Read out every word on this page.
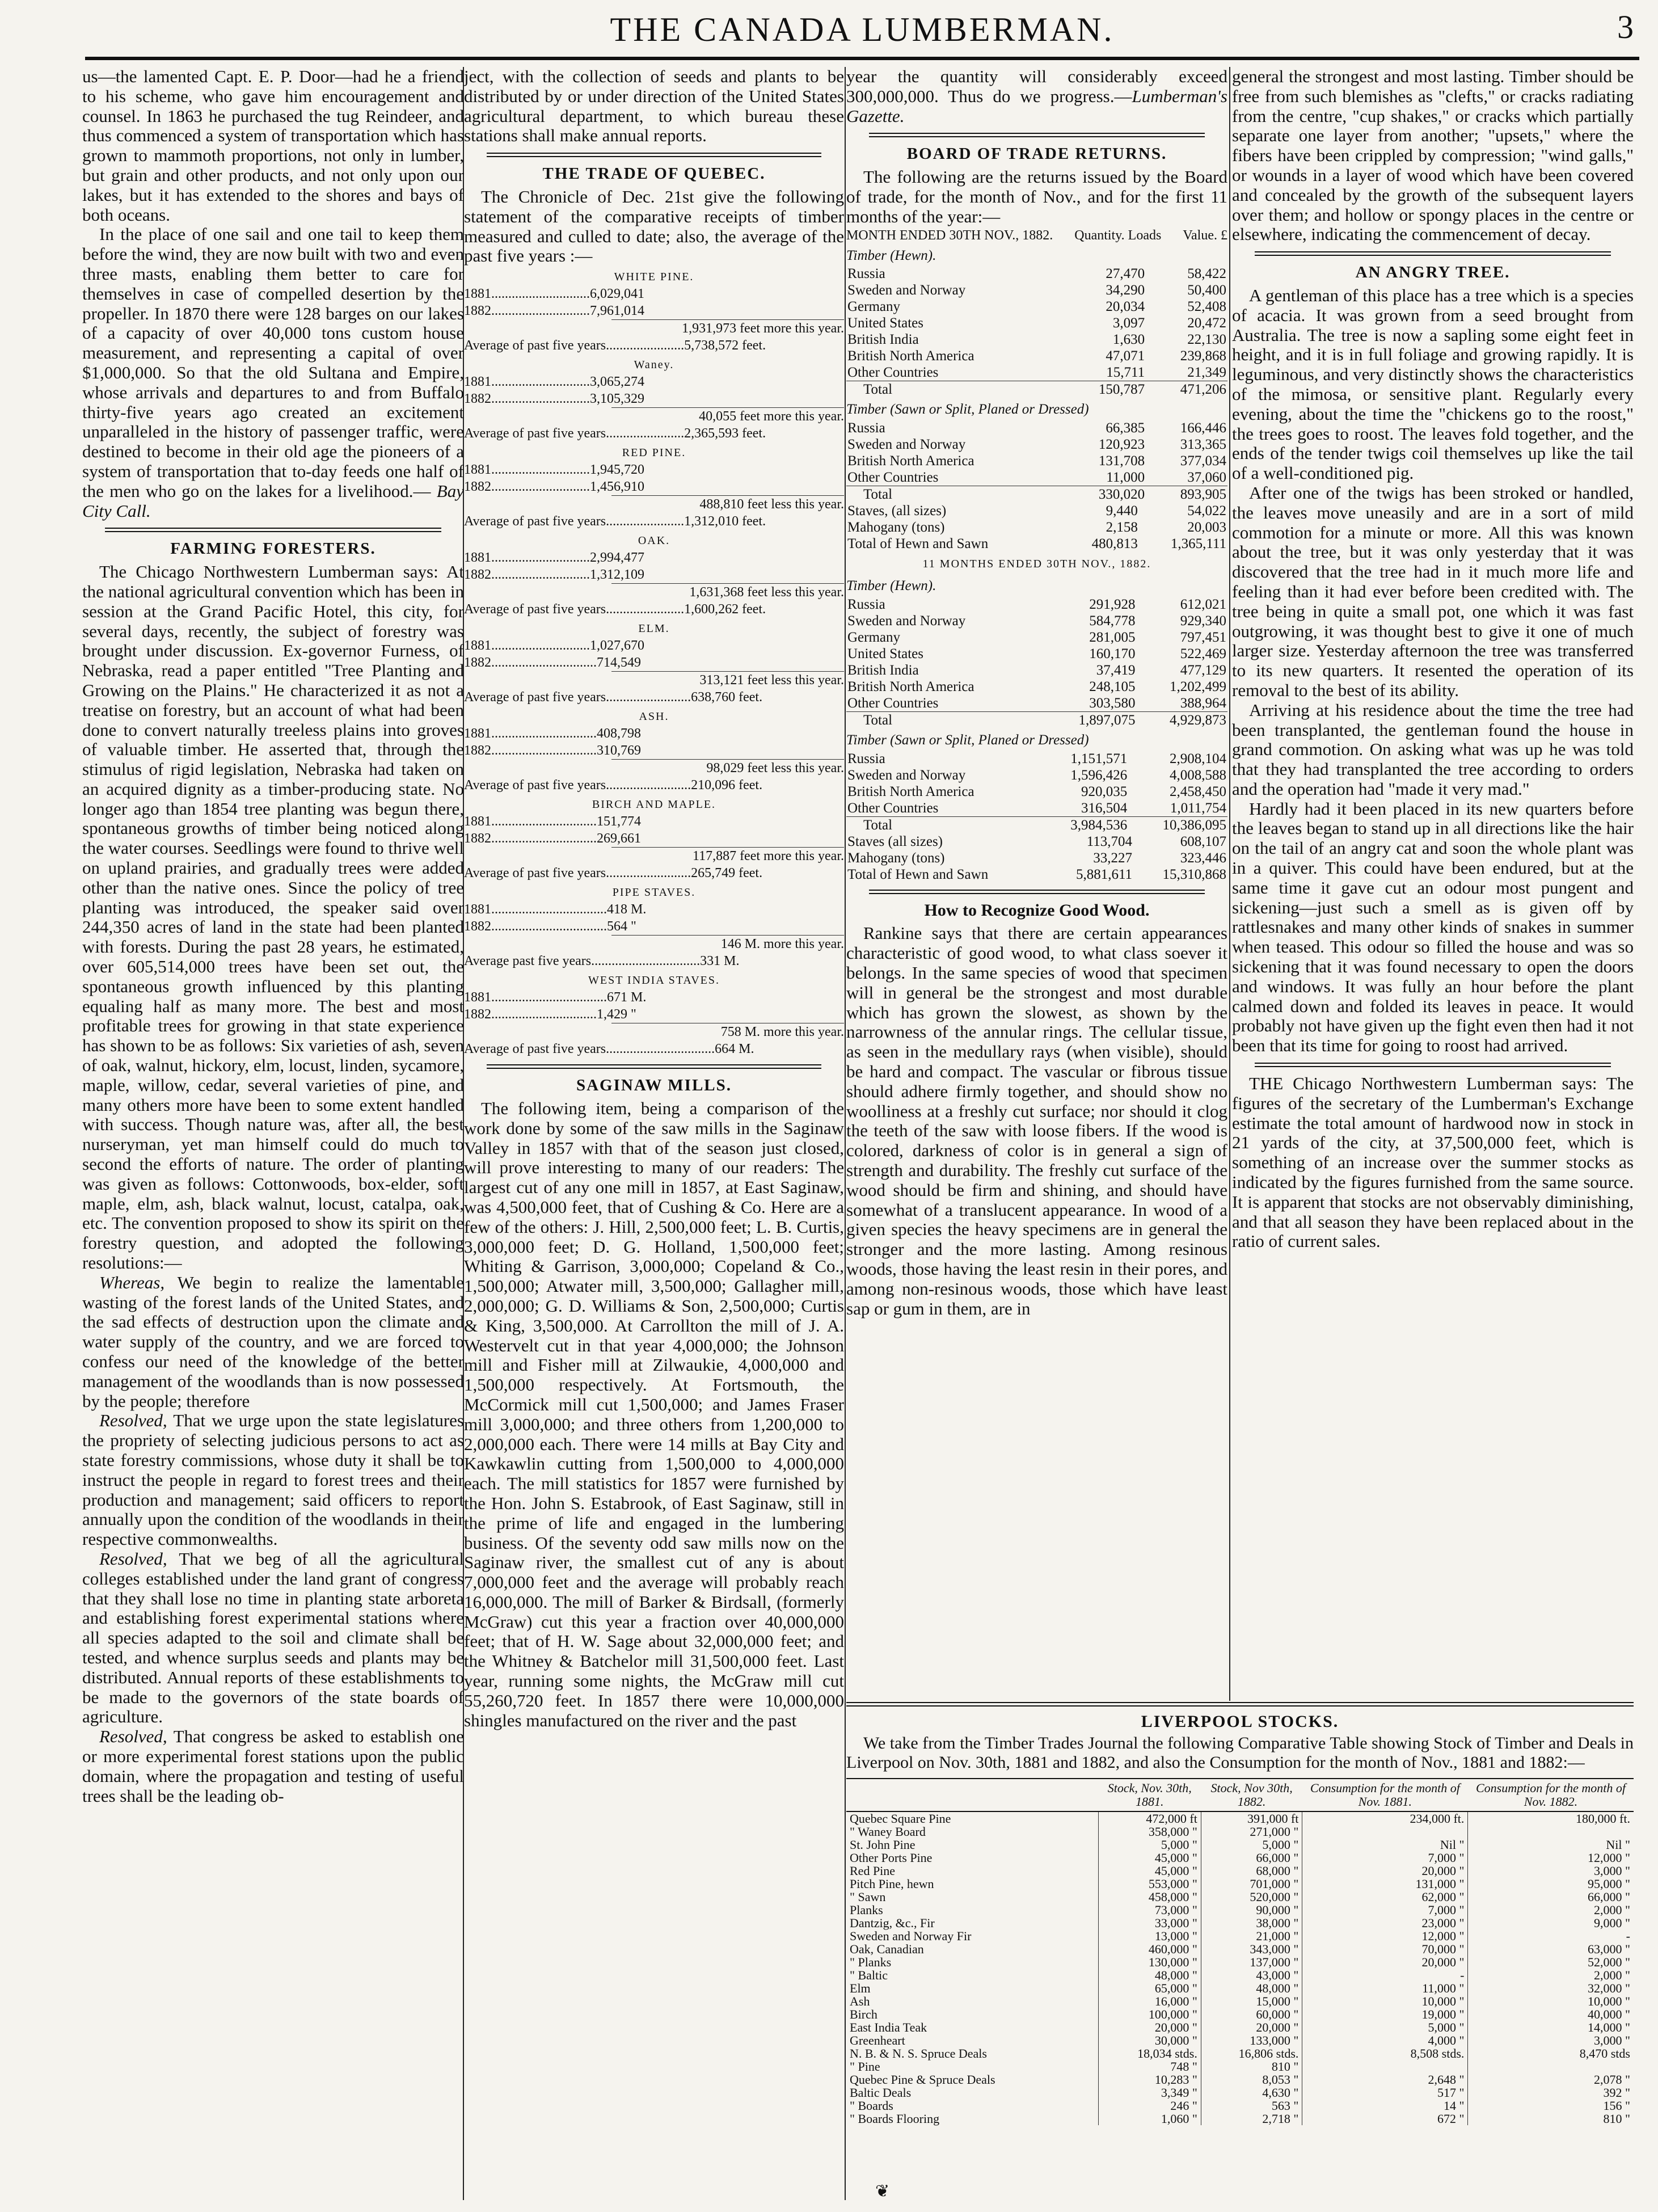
THE CANADA LUMBERMAN.	3

us—the lamented Capt. E. P. Door—had he a friend to his scheme, who gave him encouragement and counsel. In 1863 he purchased the tug Reindeer, and thus commenced a system of transportation which has grown to mammoth proportions, not only in lumber, but grain and other products, and not only upon our lakes, but it has extended to the shores and bays of both oceans.

In the place of one sail and one tail to keep them before the wind, they are now built with two and even three masts, enabling them better to care for themselves in case of compelled desertion by the propeller. In 1870 there were 128 barges on our lakes of a capacity of over 40,000 tons custom house measurement, and representing a capital of over $1,000,000. So that the old Sultana and Empire, whose arrivals and departures to and from Buffalo thirty-five years ago created an excitement unparalleled in the history of passenger traffic, were destined to become in their old age the pioneers of a system of transportation that to-day feeds one half of the men who go on the lakes for a livelihood.— Bay City Call.

FARMING FORESTERS.

The Chicago Northwestern Lumberman says: At the national agricultural convention which has been in session at the Grand Pacific Hotel, this city, for several days, recently, the subject of forestry was brought under discussion. Ex-governor Furness, of Nebraska, read a paper entitled "Tree Planting and Growing on the Plains." He characterized it as not a treatise on forestry, but an account of what had been done to convert naturally treeless plains into groves of valuable timber. He asserted that, through the stimulus of rigid legislation, Nebraska had taken on an acquired dignity as a timber-producing state. No longer ago than 1854 tree planting was begun there, spontaneous growths of timber being noticed along the water courses. Seedlings were found to thrive well on upland prairies, and gradually trees were added other than the native ones. Since the policy of tree planting was introduced, the speaker said over 244,350 acres of land in the state had been planted with forests. During the past 28 years, he estimated, over 605,514,000 trees have been set out, the spontaneous growth influenced by this planting equaling half as many more. The best and most profitable trees for growing in that state experience has shown to be as follows: Six varieties of ash, seven of oak, walnut, hickory, elm, locust, linden, sycamore, maple, willow, cedar, several varieties of pine, and many others more have been to some extent handled with success. Though nature was, after all, the best nurseryman, yet man himself could do much to second the efforts of nature. The order of planting was given as follows: Cottonwoods, box-elder, soft maple, elm, ash, black walnut, locust, catalpa, oak, etc. The convention proposed to show its spirit on the forestry question, and adopted the following resolutions:—

Whereas, We begin to realize the lamentable wasting of the forest lands of the United States, and the sad effects of destruction upon the climate and water supply of the country, and we are forced to confess our need of the knowledge of the better management of the woodlands than is now possessed by the people; therefore

Resolved, That we urge upon the state legislatures the propriety of selecting judicious persons to act as state forestry commissions, whose duty it shall be to instruct the people in regard to forest trees and their production and management; said officers to report annually upon the condition of the woodlands in their respective commonwealths.

Resolved, That we beg of all the agricultural colleges established under the land grant of congress that they shall lose no time in planting state arboreta and establishing forest experimental stations where all species adapted to the soil and climate shall be tested, and whence surplus seeds and plants may be distributed. Annual reports of these establishments to be made to the governors of the state boards of agriculture.

Resolved, That congress be asked to establish one or more experimental forest stations upon the public domain, where the propagation and testing of useful trees shall be the leading ob-

ject, with the collection of seeds and plants to be distributed by or under direction of the United States agricultural department, to which bureau these stations shall make annual reports.

THE TRADE OF QUEBEC.

The Chronicle of Dec. 21st give the following statement of the comparative receipts of timber measured and culled to date; also, the average of the past five years :—

WHITE PINE.
1881.............................6,029,041
1882.............................7,961,014
1,931,973 feet more this year.
Average of past five years.......................5,738,572 feet.
Waney.
1881.............................3,065,274
1882.............................3,105,329
40,055 feet more this year.
Average of past five years.......................2,365,593 feet.
RED PINE.
1881.............................1,945,720
1882.............................1,456,910
488,810 feet less this year.
Average of past five years.......................1,312,010 feet.
OAK.
1881.............................2,994,477
1882.............................1,312,109
1,631,368 feet less this year.
Average of past five years.......................1,600,262 feet.
ELM.
1881.............................1,027,670
1882...............................714,549
313,121 feet less this year.
Average of past five years.........................638,760 feet.
ASH.
1881...............................408,798
1882...............................310,769
98,029 feet less this year.
Average of past five years.........................210,096 feet.
BIRCH AND MAPLE.
1881...............................151,774
1882...............................269,661
117,887 feet more this year.
Average of past five years.........................265,749 feet.
PIPE STAVES.
1881..................................418 M.
1882..................................564 "
146 M. more this year.
Average past five years................................331 M.
WEST INDIA STAVES.
1881..................................671 M.
1882...............................1,429 "
758 M. more this year.
Average of past five years................................664 M.
SAGINAW MILLS.

The following item, being a comparison of the work done by some of the saw mills in the Saginaw Valley in 1857 with that of the season just closed, will prove interesting to many of our readers: The largest cut of any one mill in 1857, at East Saginaw, was 4,500,000 feet, that of Cushing & Co. Here are a few of the others: J. Hill, 2,500,000 feet; L. B. Curtis, 3,000,000 feet; D. G. Holland, 1,500,000 feet; Whiting & Garrison, 3,000,000; Copeland & Co., 1,500,000; Atwater mill, 3,500,000; Gallagher mill, 2,000,000; G. D. Williams & Son, 2,500,000; Curtis & King, 3,500,000. At Carrollton the mill of J. A. Westervelt cut in that year 4,000,000; the Johnson mill and Fisher mill at Zilwaukie, 4,000,000 and 1,500,000 respectively. At Fortsmouth, the McCormick mill cut 1,500,000; and James Fraser mill 3,000,000; and three others from 1,200,000 to 2,000,000 each. There were 14 mills at Bay City and Kawkawlin cutting from 1,500,000 to 4,000,000 each. The mill statistics for 1857 were furnished by the Hon. John S. Estabrook, of East Saginaw, still in the prime of life and engaged in the lumbering business. Of the seventy odd saw mills now on the Saginaw river, the smallest cut of any is about 7,000,000 feet and the average will probably reach 16,000,000. The mill of Barker & Birdsall, (formerly McGraw) cut this year a fraction over 40,000,000 feet; that of H. W. Sage about 32,000,000 feet; and the Whitney & Batchelor mill 31,500,000 feet. Last year, running some nights, the McGraw mill cut 55,260,720 feet. In 1857 there were 10,000,000 shingles manufactured on the river and the past

year the quantity will considerably exceed 300,000,000. Thus do we progress.—Lumberman's Gazette.

BOARD OF TRADE RETURNS.

The following are the returns issued by the Board of trade, for the month of Nov., and for the first 11 months of the year:—

MONTH ENDED 30TH NOV., 1882. Quantity. Loads Value. £
Timber (Hewn).
Russia	27,470	58,422
Sweden and Norway	34,290	50,400
Germany	20,034	52,408
United States	3,097	20,472
British India	1,630	22,130
British North America	47,071	239,868
Other Countries	15,711	21,349
Total	150,787	471,206
Timber (Sawn or Split, Planed or Dressed)
Russia	66,385	166,446
Sweden and Norway	120,923	313,365
British North America	131,708	377,034
Other Countries	11,000	37,060
Total	330,020	893,905
Staves, (all sizes)	9,440	54,022
Mahogany (tons)	2,158	20,003
Total of Hewn and Sawn	480,813	1,365,111
11 MONTHS ENDED 30TH NOV., 1882.
Timber (Hewn).
Russia	291,928	612,021
Sweden and Norway	584,778	929,340
Germany	281,005	797,451
United States	160,170	522,469
British India	37,419	477,129
British North America	248,105	1,202,499
Other Countries	303,580	388,964
Total	1,897,075	4,929,873
Timber (Sawn or Split, Planed or Dressed)
Russia	1,151,571	2,908,104
Sweden and Norway	1,596,426	4,008,588
British North America	920,035	2,458,450
Other Countries	316,504	1,011,754
Total	3,984,536	10,386,095
Staves (all sizes)	113,704	608,107
Mahogany (tons)	33,227	323,446
Total of Hewn and Sawn	5,881,611	15,310,868
How to Recognize Good Wood.

Rankine says that there are certain appearances characteristic of good wood, to what class soever it belongs. In the same species of wood that specimen will in general be the strongest and most durable which has grown the slowest, as shown by the narrowness of the annular rings. The cellular tissue, as seen in the medullary rays (when visible), should be hard and compact. The vascular or fibrous tissue should adhere firmly together, and should show no woolliness at a freshly cut surface; nor should it clog the teeth of the saw with loose fibers. If the wood is colored, darkness of color is in general a sign of strength and durability. The freshly cut surface of the wood should be firm and shining, and should have somewhat of a translucent appearance. In wood of a given species the heavy specimens are in general the stronger and the more lasting. Among resinous woods, those having the least resin in their pores, and among non-resinous woods, those which have least sap or gum in them, are in

general the strongest and most lasting. Timber should be free from such blemishes as "clefts," or cracks radiating from the centre, "cup shakes," or cracks which partially separate one layer from another; "upsets," where the fibers have been crippled by compression; "wind galls," or wounds in a layer of wood which have been covered and concealed by the growth of the subsequent layers over them; and hollow or spongy places in the centre or elsewhere, indicating the commencement of decay.

AN ANGRY TREE.

A gentleman of this place has a tree which is a species of acacia. It was grown from a seed brought from Australia. The tree is now a sapling some eight feet in height, and it is in full foliage and growing rapidly. It is leguminous, and very distinctly shows the characteristics of the mimosa, or sensitive plant. Regularly every evening, about the time the "chickens go to the roost," the trees goes to roost. The leaves fold together, and the ends of the tender twigs coil themselves up like the tail of a well-conditioned pig.

After one of the twigs has been stroked or handled, the leaves move uneasily and are in a sort of mild commotion for a minute or more. All this was known about the tree, but it was only yesterday that it was discovered that the tree had in it much more life and feeling than it had ever before been credited with. The tree being in quite a small pot, one which it was fast outgrowing, it was thought best to give it one of much larger size. Yesterday afternoon the tree was transferred to its new quarters. It resented the operation of its removal to the best of its ability.

Arriving at his residence about the time the tree had been transplanted, the gentleman found the house in grand commotion. On asking what was up he was told that they had transplanted the tree according to orders and the operation had "made it very mad."

Hardly had it been placed in its new quarters before the leaves began to stand up in all directions like the hair on the tail of an angry cat and soon the whole plant was in a quiver. This could have been endured, but at the same time it gave cut an odour most pungent and sickening—just such a smell as is given off by rattlesnakes and many other kinds of snakes in summer when teased. This odour so filled the house and was so sickening that it was found necessary to open the doors and windows. It was fully an hour before the plant calmed down and folded its leaves in peace. It would probably not have given up the fight even then had it not been that its time for going to roost had arrived.

THE Chicago Northwestern Lumberman says: The figures of the secretary of the Lumberman's Exchange estimate the total amount of hardwood now in stock in 21 yards of the city, at 37,500,000 feet, which is something of an increase over the summer stocks as indicated by the figures furnished from the same source. It is apparent that stocks are not observably diminishing, and that all season they have been replaced about in the ratio of current sales.

LIVERPOOL STOCKS.

We take from the Timber Trades Journal the following Comparative Table showing Stock of Timber and Deals in Liverpool on Nov. 30th, 1881 and 1882, and also the Consumption for the month of Nov., 1881 and 1882:—

	Stock, Nov. 30th, 1881.	Stock, Nov 30th, 1882.	Consumption for the month of Nov. 1881.	Consumption for the month of Nov. 1882.
Quebec Square Pine	472,000 ft	391,000 ft	234,000 ft.	180,000 ft.
" Waney Board	358,000 "	271,000 "		
St. John Pine	5,000 "	5,000 "	Nil "	Nil "
Other Ports Pine	45,000 "	66,000 "	7,000 "	12,000 "
Red Pine	45,000 "	68,000 "	20,000 "	3,000 "
Pitch Pine, hewn	553,000 "	701,000 "	131,000 "	95,000 "
" Sawn	458,000 "	520,000 "	62,000 "	66,000 "
Planks	73,000 "	90,000 "	7,000 "	2,000 "
Dantzig, &c., Fir	33,000 "	38,000 "	23,000 "	9,000 "
Sweden and Norway Fir	13,000 "	21,000 "	12,000 "	-
Oak, Canadian	460,000 "	343,000 "	70,000 "	63,000 "
" Planks	130,000 "	137,000 "	20,000 "	52,000 "
" Baltic	48,000 "	43,000 "	-	2,000 "
Elm	65,000 "	48,000 "	11,000 "	32,000 "
Ash	16,000 "	15,000 "	10,000 "	10,000 "
Birch	100,000 "	60,000 "	19,000 "	40,000 "
East India Teak	20,000 "	20,000 "	5,000 "	14,000 "
Greenheart	30,000 "	133,000 "	4,000 "	3,000 "
N. B. & N. S. Spruce Deals	18,034 stds.	16,806 stds.	8,508 stds.	8,470 stds
" Pine	748 "	810 "		
Quebec Pine & Spruce Deals	10,283 "	8,053 "	2,648 "	2,078 "
Baltic Deals	3,349 "	4,630 "	517 "	392 "
" Boards	246 "	563 "	14 "	156 "
" Boards Flooring	1,060 "	2,718 "	672 "	810 "
❦
